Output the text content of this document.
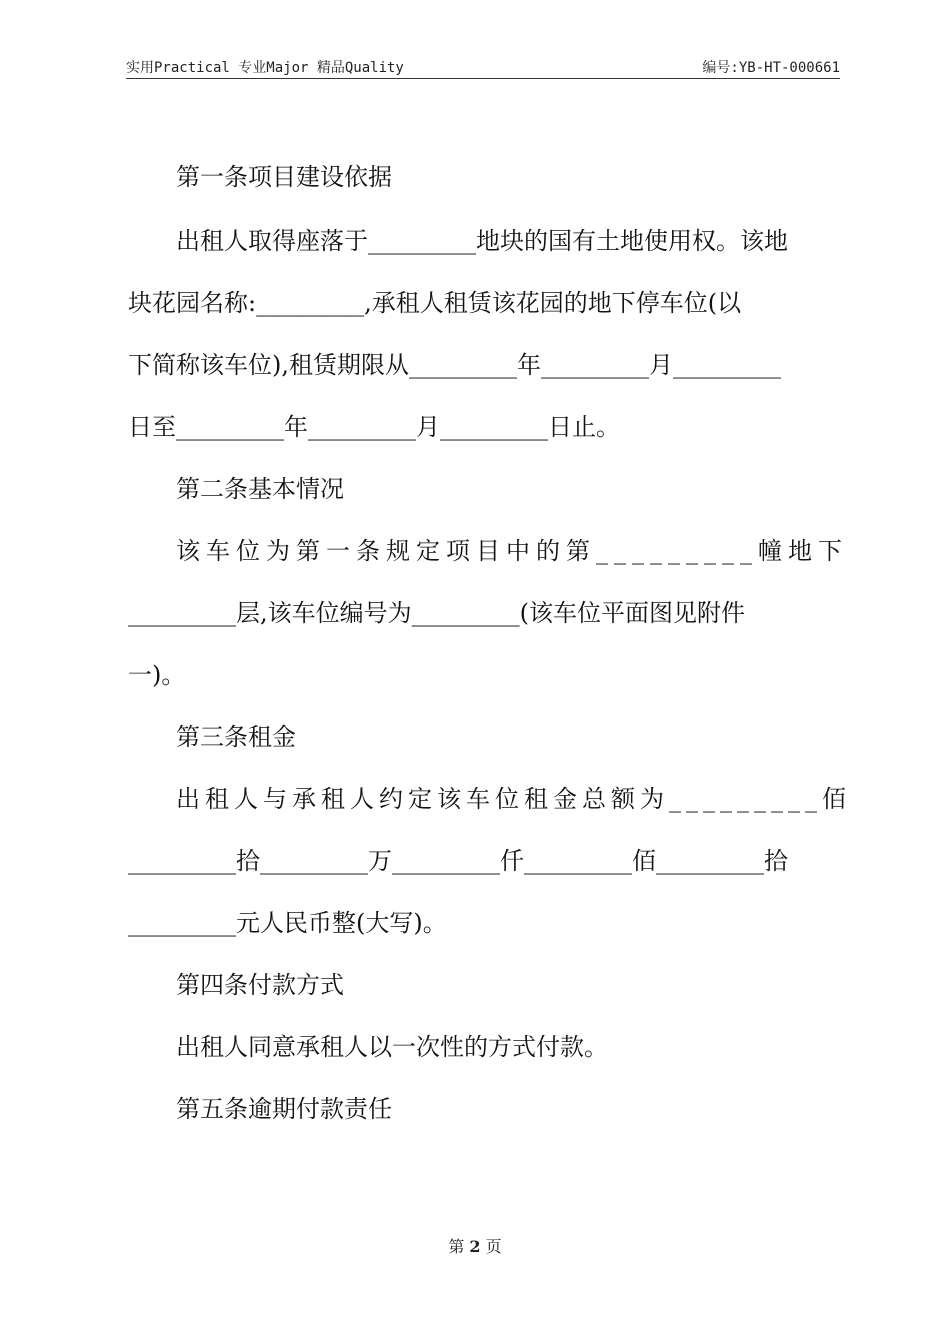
实用Practical 专业Major 精品Quality	编号:YB-HT-000661
第一条项目建设依据
出租人取得座落于_________地块的国有土地使用权。该地
块花园名称:_________,承租人租赁该花园的地下停车位(以
下简称该车位),租赁期限从_________年_________月_________
日至_________年_________月_________日止。
第二条基本情况
该车位为第一条规定项目中的第_________幢地下
_________层,该车位编号为_________(该车位平面图见附件
一)。
第三条租金
出租人与承租人约定该车位租金总额为_________佰
_________拾_________万_________仟_________佰_________拾
_________元人民币整(大写)。
第四条付款方式
出租人同意承租人以一次性的方式付款。
第五条逾期付款责任
第 2 页
